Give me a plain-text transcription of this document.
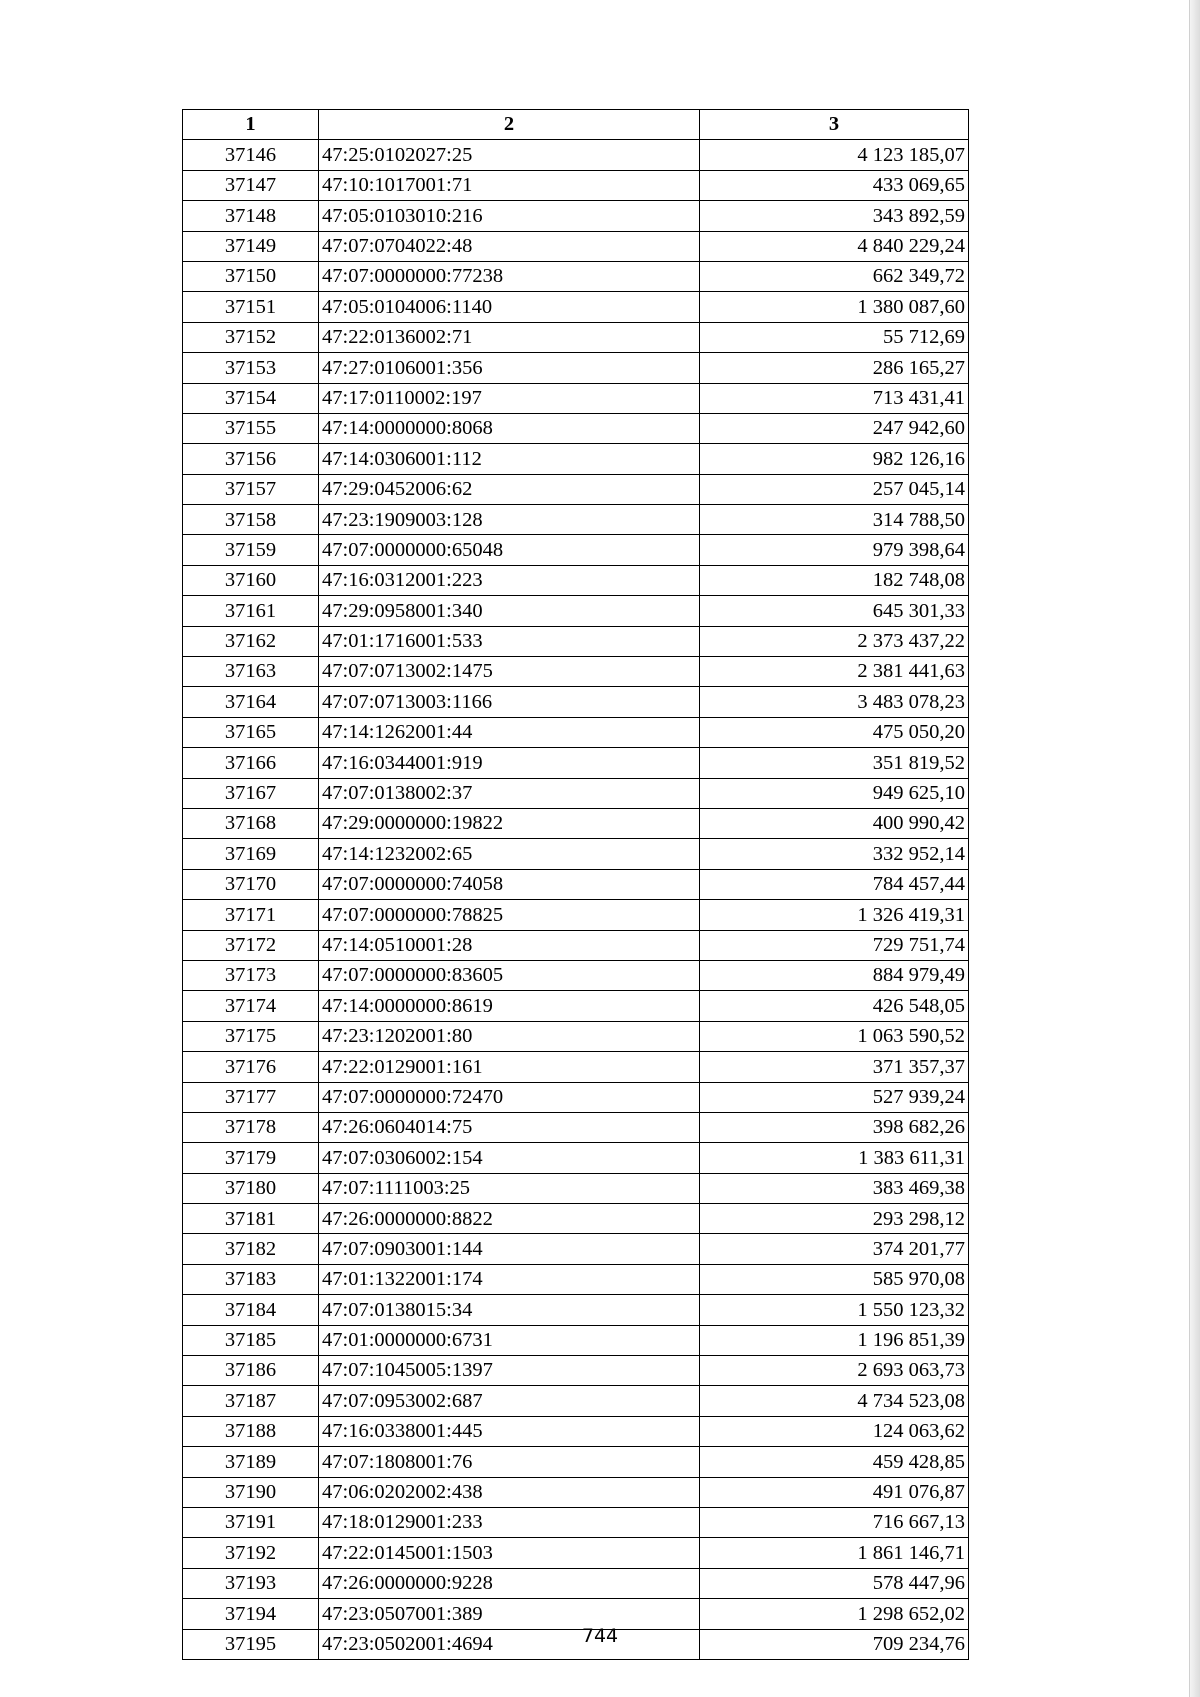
1	2	3
37146	47:25:0102027:25	4 123 185,07
37147	47:10:1017001:71	433 069,65
37148	47:05:0103010:216	343 892,59
37149	47:07:0704022:48	4 840 229,24
37150	47:07:0000000:77238	662 349,72
37151	47:05:0104006:1140	1 380 087,60
37152	47:22:0136002:71	55 712,69
37153	47:27:0106001:356	286 165,27
37154	47:17:0110002:197	713 431,41
37155	47:14:0000000:8068	247 942,60
37156	47:14:0306001:112	982 126,16
37157	47:29:0452006:62	257 045,14
37158	47:23:1909003:128	314 788,50
37159	47:07:0000000:65048	979 398,64
37160	47:16:0312001:223	182 748,08
37161	47:29:0958001:340	645 301,33
37162	47:01:1716001:533	2 373 437,22
37163	47:07:0713002:1475	2 381 441,63
37164	47:07:0713003:1166	3 483 078,23
37165	47:14:1262001:44	475 050,20
37166	47:16:0344001:919	351 819,52
37167	47:07:0138002:37	949 625,10
37168	47:29:0000000:19822	400 990,42
37169	47:14:1232002:65	332 952,14
37170	47:07:0000000:74058	784 457,44
37171	47:07:0000000:78825	1 326 419,31
37172	47:14:0510001:28	729 751,74
37173	47:07:0000000:83605	884 979,49
37174	47:14:0000000:8619	426 548,05
37175	47:23:1202001:80	1 063 590,52
37176	47:22:0129001:161	371 357,37
37177	47:07:0000000:72470	527 939,24
37178	47:26:0604014:75	398 682,26
37179	47:07:0306002:154	1 383 611,31
37180	47:07:1111003:25	383 469,38
37181	47:26:0000000:8822	293 298,12
37182	47:07:0903001:144	374 201,77
37183	47:01:1322001:174	585 970,08
37184	47:07:0138015:34	1 550 123,32
37185	47:01:0000000:6731	1 196 851,39
37186	47:07:1045005:1397	2 693 063,73
37187	47:07:0953002:687	4 734 523,08
37188	47:16:0338001:445	124 063,62
37189	47:07:1808001:76	459 428,85
37190	47:06:0202002:438	491 076,87
37191	47:18:0129001:233	716 667,13
37192	47:22:0145001:1503	1 861 146,71
37193	47:26:0000000:9228	578 447,96
37194	47:23:0507001:389	1 298 652,02
37195	47:23:0502001:4694	709 234,76
744
